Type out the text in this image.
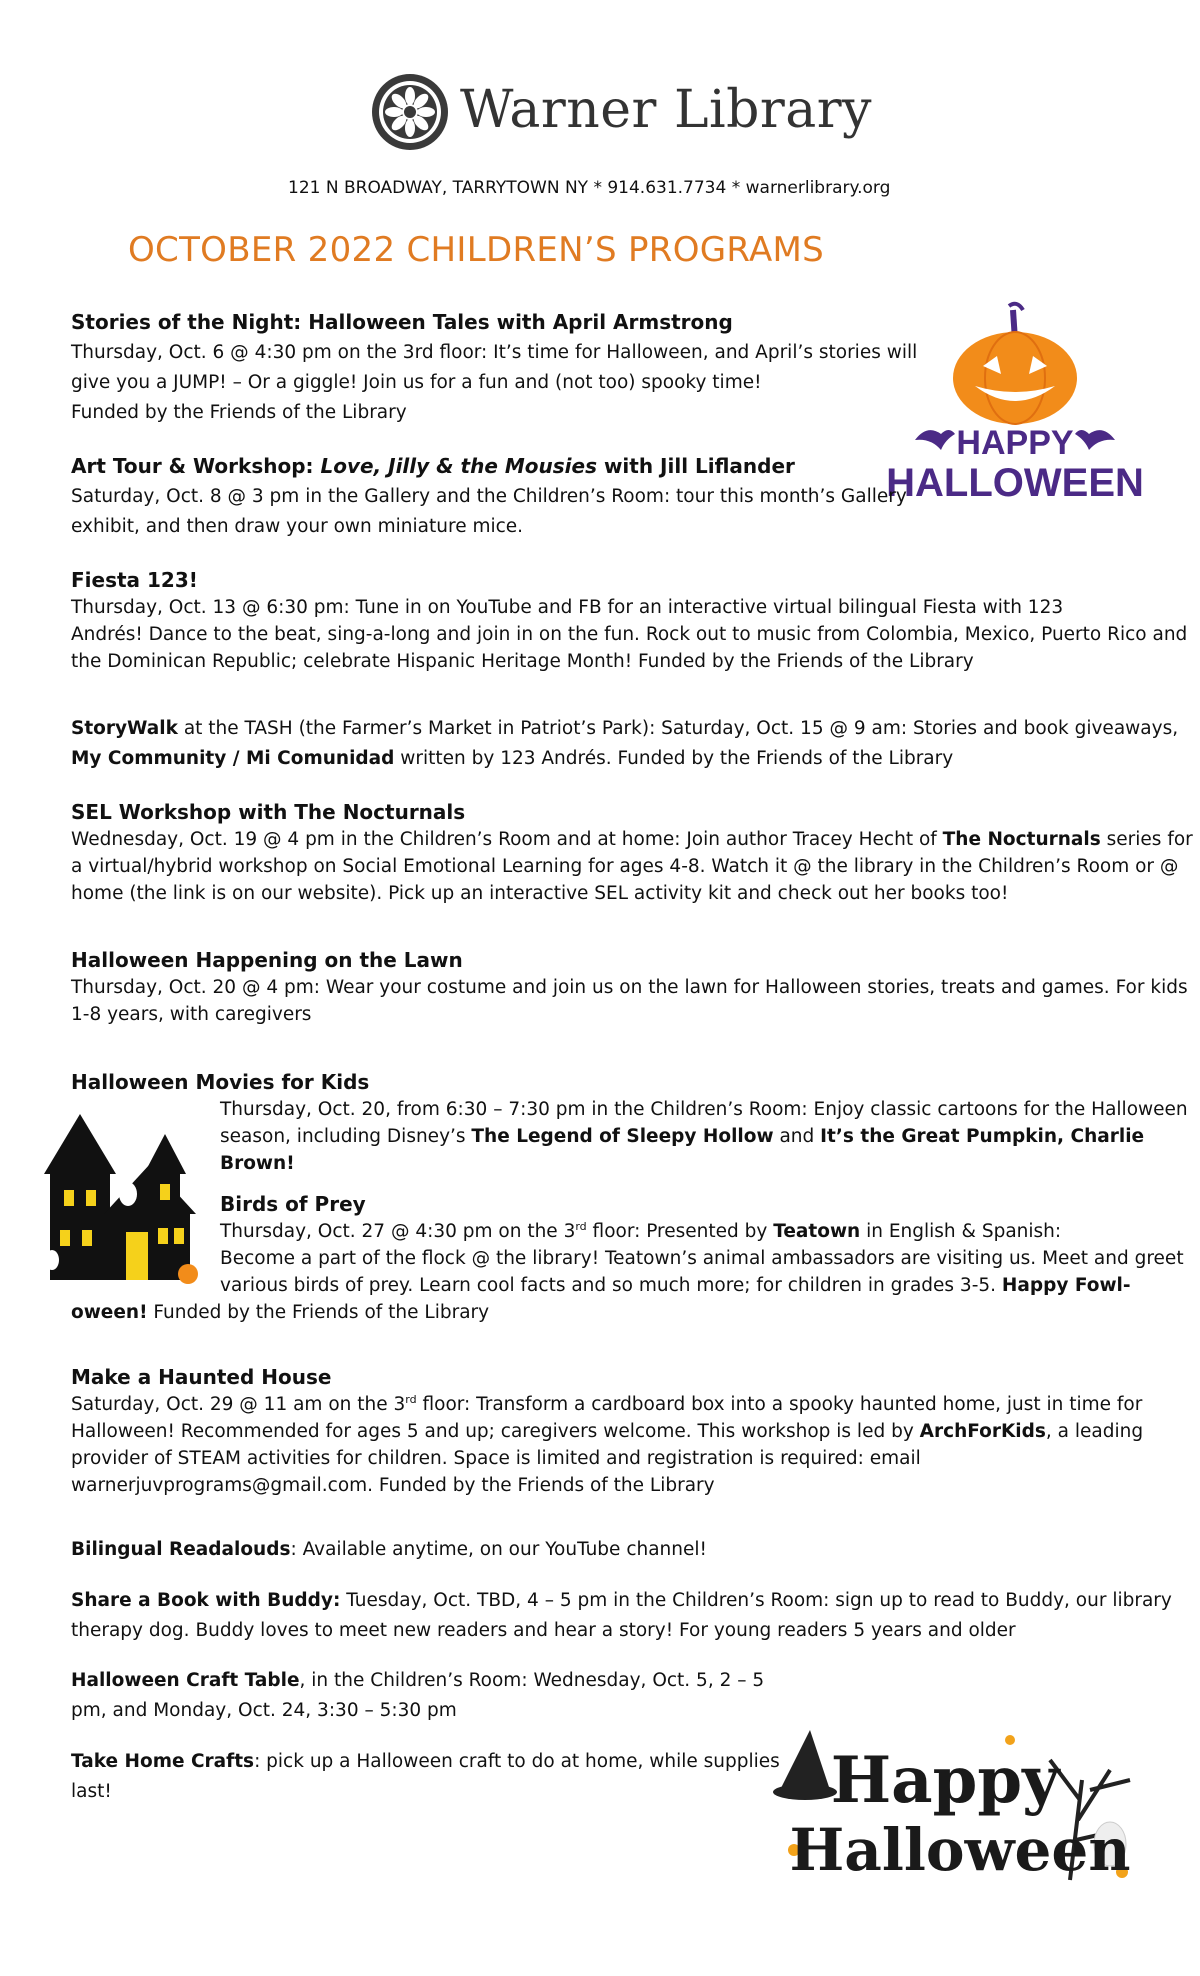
Warner Library
121 N BROADWAY, TARRYTOWN NY * 914.631.7734 * warnerlibrary.org
OCTOBER 2022 CHILDREN’S PROGRAMS
Stories of the Night: Halloween Tales with April Armstrong
Thursday, Oct. 6 @ 4:30 pm on the 3rd floor: It’s time for Halloween, and April’s stories will
give you a JUMP! – Or a giggle! Join us for a fun and (not too) spooky time!
Funded by the Friends of the Library
HAPPY
HALLOWEEN
Art Tour & Workshop: Love, Jilly & the Mousies with Jill Liflander
Saturday, Oct. 8 @ 3 pm in the Gallery and the Children’s Room: tour this month’s Gallery
exhibit, and then draw your own miniature mice.
Fiesta 123!
Thursday, Oct. 13 @ 6:30 pm: Tune in on YouTube and FB for an interactive virtual bilingual Fiesta with 123
Andrés! Dance to the beat, sing-a-long and join in on the fun. Rock out to music from Colombia, Mexico, Puerto Rico and
the Dominican Republic; celebrate Hispanic Heritage Month! Funded by the Friends of the Library
StoryWalk at the TASH (the Farmer’s Market in Patriot’s Park): Saturday, Oct. 15 @ 9 am: Stories and book giveaways,
My Community / Mi Comunidad written by 123 Andrés. Funded by the Friends of the Library
SEL Workshop with The Nocturnals
Wednesday, Oct. 19 @ 4 pm in the Children’s Room and at home: Join author Tracey Hecht of The Nocturnals series for
a virtual/hybrid workshop on Social Emotional Learning for ages 4-8. Watch it @ the library in the Children’s Room or @
home (the link is on our website). Pick up an interactive SEL activity kit and check out her books too!
Halloween Happening on the Lawn
Thursday, Oct. 20 @ 4 pm: Wear your costume and join us on the lawn for Halloween stories, treats and games. For kids
1-8 years, with caregivers
Halloween Movies for Kids
Thursday, Oct. 20, from 6:30 – 7:30 pm in the Children’s Room: Enjoy classic cartoons for the Halloween
season, including Disney’s The Legend of Sleepy Hollow and It’s the Great Pumpkin, Charlie Brown!
Birds of Prey
Thursday, Oct. 27 @ 4:30 pm on the 3rd floor: Presented by Teatown in English & Spanish:
Become a part of the flock @ the library! Teatown’s animal ambassadors are visiting us. Meet and greet
various birds of prey. Learn cool facts and so much more; for children in grades 3-5. Happy Fowl-
oween! Funded by the Friends of the Library
Make a Haunted House
Saturday, Oct. 29 @ 11 am on the 3rd floor: Transform a cardboard box into a spooky haunted home, just in time for
Halloween! Recommended for ages 5 and up; caregivers welcome. This workshop is led by ArchForKids, a leading
provider of STEAM activities for children. Space is limited and registration is required: email
warnerjuvprograms@gmail.com. Funded by the Friends of the Library
Bilingual Readalouds: Available anytime, on our YouTube channel!
Share a Book with Buddy: Tuesday, Oct. TBD, 4 – 5 pm in the Children’s Room: sign up to read to Buddy, our library
therapy dog. Buddy loves to meet new readers and hear a story! For young readers 5 years and older
Halloween Craft Table, in the Children’s Room: Wednesday, Oct. 5, 2 – 5
pm, and Monday, Oct. 24, 3:30 – 5:30 pm
Take Home Crafts: pick up a Halloween craft to do at home, while supplies
last!	Happy
Halloween
